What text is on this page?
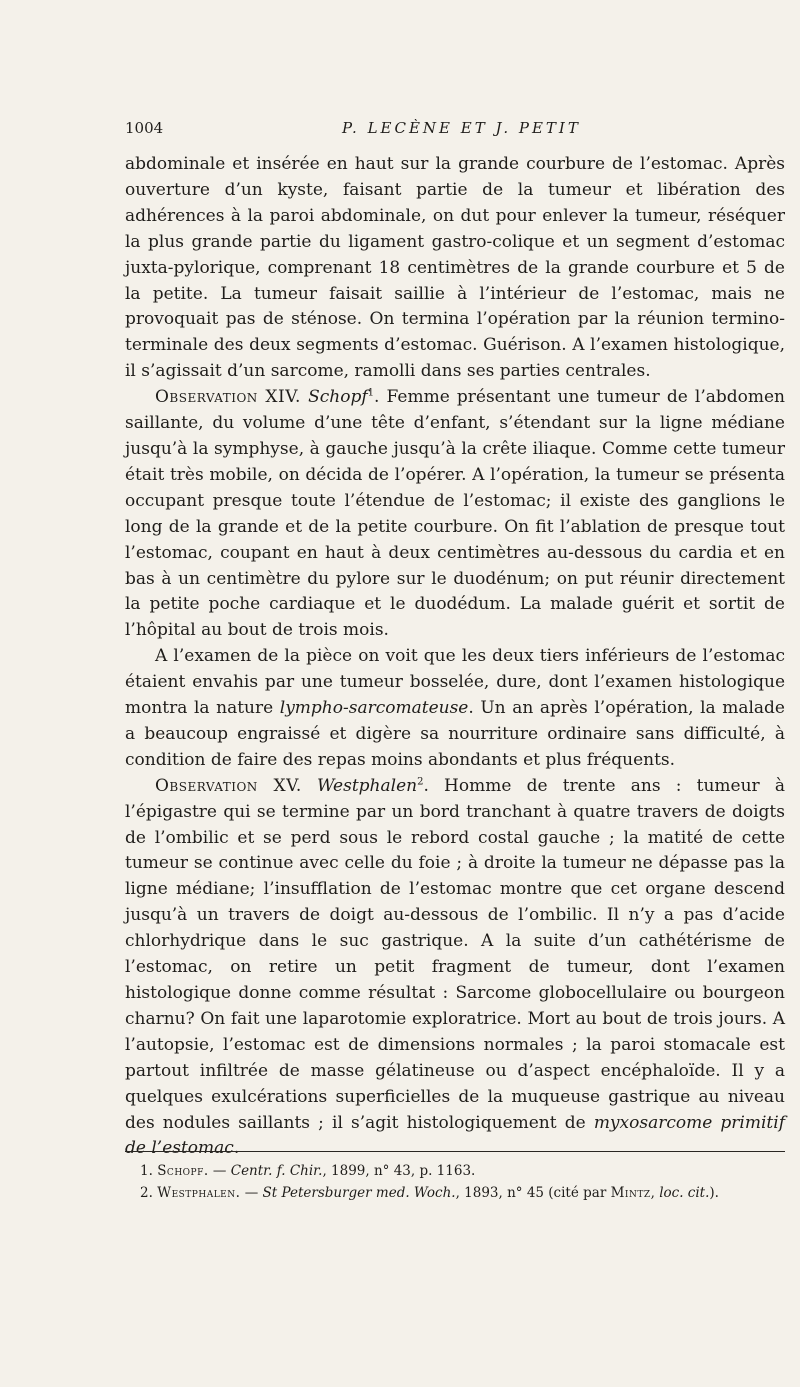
1004	P. LECÈNE ET J. PETIT

abdominale et insérée en haut sur la grande courbure de l’estomac. Après ouverture d’un kyste, faisant partie de la tumeur et libération des adhérences à la paroi abdominale, on dut pour enlever la tumeur, réséquer la plus grande partie du ligament gastro-colique et un segment d’estomac juxta-pylorique, comprenant 18 centimètres de la grande courbure et 5 de la petite. La tumeur faisait saillie à l’intérieur de l’estomac, mais ne provoquait pas de sténose. On termina l’opération par la réunion termino-terminale des deux segments d’estomac. Guérison. A l’examen histologique, il s’agissait d’un sarcome, ramolli dans ses parties centrales.

Observation XIV. Schopf$^1$. Femme présentant une tumeur de l’abdomen saillante, du volume d’une tête d’enfant, s’étendant sur la ligne médiane jusqu’à la symphyse, à gauche jusqu’à la crête iliaque. Comme cette tumeur était très mobile, on décida de l’opérer. A l’opération, la tumeur se présenta occupant presque toute l’étendue de l’estomac; il existe des ganglions le long de la grande et de la petite courbure. On fit l’ablation de presque tout l’estomac, coupant en haut à deux centimètres au-dessous du cardia et en bas à un centimètre du pylore sur le duodénum; on put réunir directement la petite poche cardiaque et le duodédum. La malade guérit et sortit de l’hôpital au bout de trois mois.

A l’examen de la pièce on voit que les deux tiers inférieurs de l’estomac étaient envahis par une tumeur bosselée, dure, dont l’examen histologique montra la nature lympho-sarcomateuse. Un an après l’opération, la malade a beaucoup engraissé et digère sa nourriture ordinaire sans difficulté, à condition de faire des repas moins abondants et plus fréquents.

Observation XV. Westphalen$^2$. Homme de trente ans : tumeur à l’épigastre qui se termine par un bord tranchant à quatre travers de doigts de l’ombilic et se perd sous le rebord costal gauche ; la matité de cette tumeur se continue avec celle du foie ; à droite la tumeur ne dépasse pas la ligne médiane; l’insufflation de l’estomac montre que cet organe descend jusqu’à un travers de doigt au-dessous de l’ombilic. Il n’y a pas d’acide chlorhydrique dans le suc gastrique. A la suite d’un cathétérisme de l’estomac, on retire un petit fragment de tumeur, dont l’examen histologique donne comme résultat : Sarcome globocellulaire ou bourgeon charnu? On fait une laparotomie exploratrice. Mort au bout de trois jours. A l’autopsie, l’estomac est de dimensions normales ; la paroi stomacale est partout infiltrée de masse gélatineuse ou d’aspect encéphaloïde. Il y a quelques exulcérations superficielles de la muqueuse gastrique au niveau des nodules saillants ; il s’agit histologiquement de myxosarcome primitif de l’estomac.

1. Schopf. — Centr. f. Chir., 1899, n° 43, p. 1163.
2. Westphalen. — St Petersburger med. Woch., 1893, n° 45 (cité par Mintz, loc. cit.).
